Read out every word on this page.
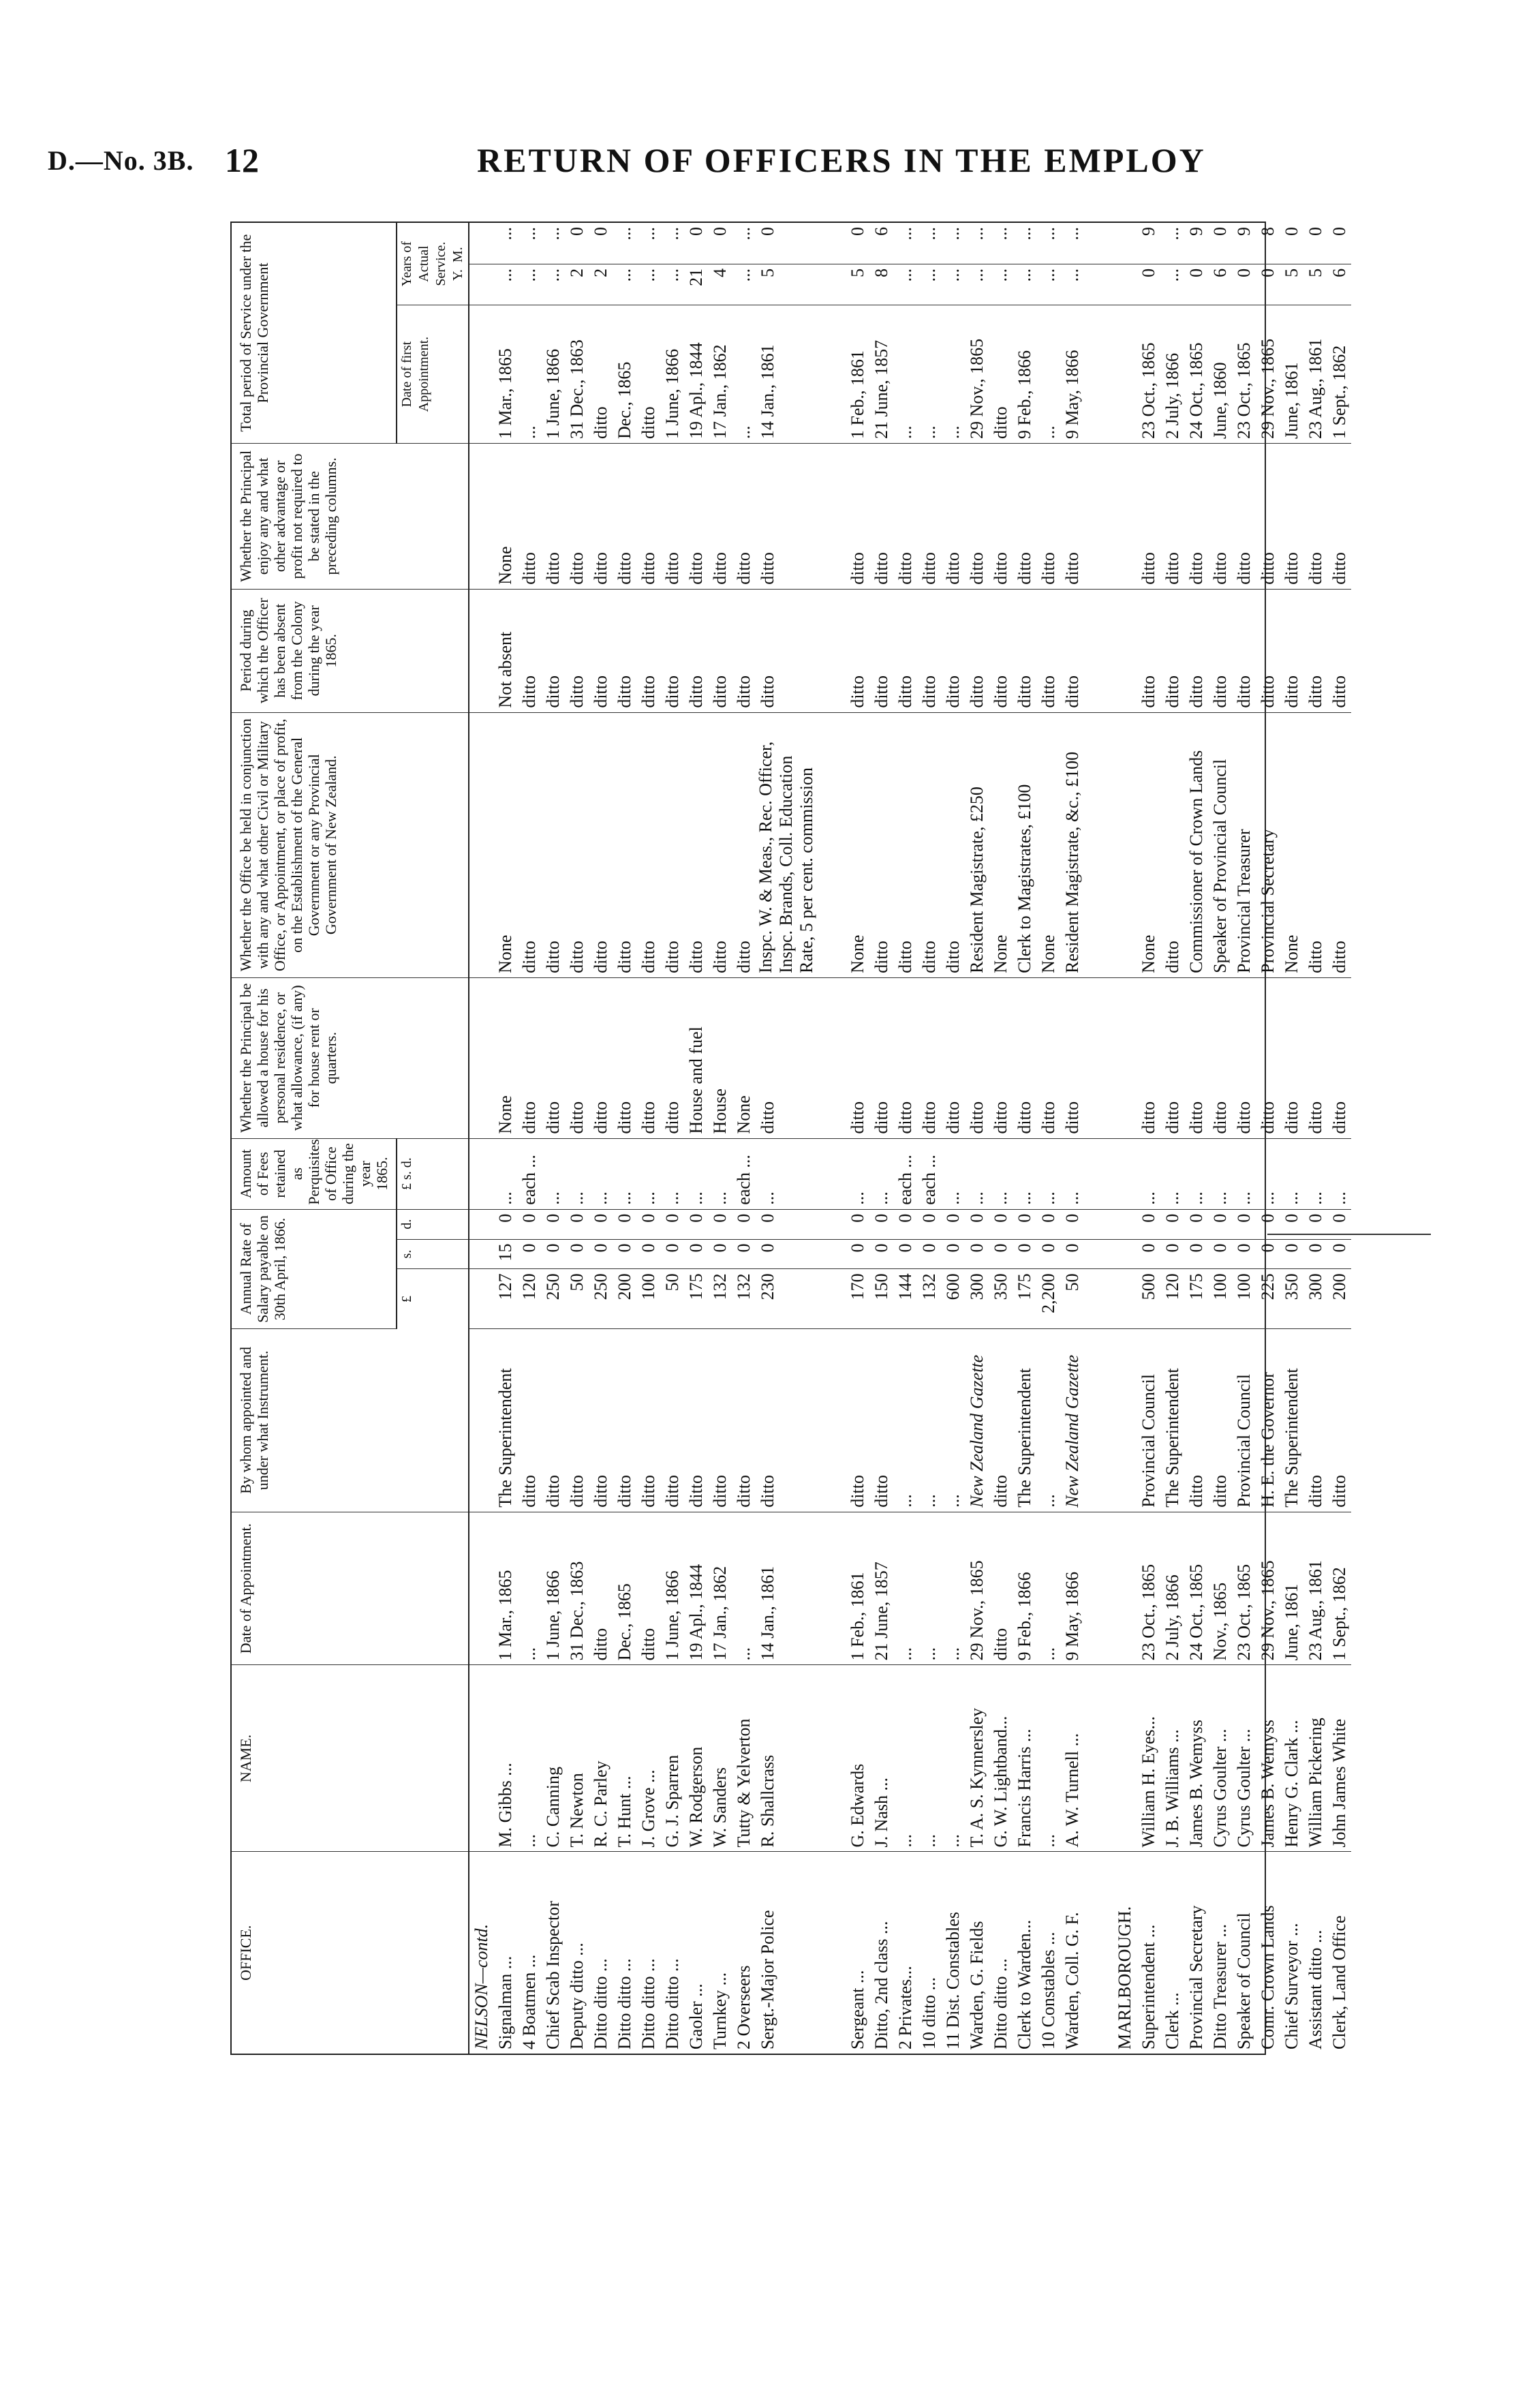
D.—No. 3B. 12	RETURN OF OFFICERS IN THE EMPLOY
OFFICE.	NAME.	Date of Appointment.	By whom appointed and under what Instrument.	Annual Rate of Salary payable on 30th April, 1866.			Amount of Fees retained as Perquisites of Office during the year 1865.	Whether the Principal be allowed a house for his personal residence, or what allowance, (if any) for house rent or quarters.	Whether the Office be held in conjunction with any and what other Civil or Military Office, or Appointment, or place of profit, on the Establishment of the General Government or any Provincial Government of New Zealand.	Period during which the Officer has been absent from the Colony during the year 1865.	Whether the Principal enjoy any and what other advantage or profit not required to be stated in the preceding columns.	Total period of Service under the Provincial Government		
				£	s.	d.	£ s. d.					Date of first Appointment.	Years of Actual Service. Y.  M.	

NELSON—contd.														
Signalman ...	M. Gibbs ...	1 Mar., 1865	The Superintendent	127	15	0	...	None	None	Not absent	None	1 Mar., 1865	...	...
4 Boatmen ...	...	...	ditto	120	0	0	each ...	ditto	ditto	ditto	ditto	...	...	...
Chief Scab Inspector	C. Canning	1 June, 1866	ditto	250	0	0	...	ditto	ditto	ditto	ditto	1 June, 1866	...	...
Deputy ditto ...	T. Newton	31 Dec., 1863	ditto	50	0	0	...	ditto	ditto	ditto	ditto	31 Dec., 1863	2	0
Ditto ditto ...	R. C. Parley	ditto	ditto	250	0	0	...	ditto	ditto	ditto	ditto	ditto	2	0
Ditto ditto ...	T. Hunt ...	Dec., 1865	ditto	200	0	0	...	ditto	ditto	ditto	ditto	Dec., 1865	...	...
Ditto ditto ...	J. Grove ...	ditto	ditto	100	0	0	...	ditto	ditto	ditto	ditto	ditto	...	...
Ditto ditto ...	G. J. Sparren	1 June, 1866	ditto	50	0	0	...	ditto	ditto	ditto	ditto	1 June, 1866	...	...
Gaoler ...	W. Rodgerson	19 Apl., 1844	ditto	175	0	0	...	House and fuel	ditto	ditto	ditto	19 Apl., 1844	21	0
Turnkey ...	W. Sanders	17 Jan., 1862	ditto	132	0	0	...	House	ditto	ditto	ditto	17 Jan., 1862	4	0
2 Overseers	Tutty & Yelverton	...	ditto	132	0	0	each ...	None	ditto	ditto	ditto	...	...	...
Sergt.-Major Police	R. Shallcrass	14 Jan., 1861	ditto	230	0	0	...	ditto	Inspc. W. & Meas., Rec. Officer, Inspc. Brands, Coll. Education Rate, 5 per cent. commission	ditto	ditto	14 Jan., 1861	5	0

Sergeant ...	G. Edwards	1 Feb., 1861	ditto	170	0	0	...	ditto	None	ditto	ditto	1 Feb., 1861	5	0
Ditto, 2nd class ...	J. Nash ...	21 June, 1857	ditto	150	0	0	...	ditto	ditto	ditto	ditto	21 June, 1857	8	6
2 Privates...	...	...	...	144	0	0	each ...	ditto	ditto	ditto	ditto	...	...	...
10 ditto ...	...	...	...	132	0	0	each ...	ditto	ditto	ditto	ditto	...	...	...
11 Dist. Constables	...	...	...	600	0	0	...	ditto	ditto	ditto	ditto	...	...	...
Warden, G. Fields	T. A. S. Kynnersley	29 Nov., 1865	New Zealand Gazette	300	0	0	...	ditto	Resident Magistrate, £250	ditto	ditto	29 Nov., 1865	...	...
Ditto ditto ...	G. W. Lightband...	ditto	ditto	350	0	0	...	ditto	None	ditto	ditto	ditto	...	...
Clerk to Warden...	Francis Harris ...	9 Feb., 1866	The Superintendent	175	0	0	...	ditto	Clerk to Magistrates, £100	ditto	ditto	9 Feb., 1866	...	...
10 Constables ...	...	...	...	2,200	0	0	...	ditto	None	ditto	ditto	...	...	...
Warden, Coll. G. F.	A. W. Turnell ...	9 May, 1866	New Zealand Gazette	50	0	0	...	ditto	Resident Magistrate, &c., £100	ditto	ditto	9 May, 1866	...	...

MARLBOROUGH.														
Superintendent ...	William H. Eyes...	23 Oct., 1865	Provincial Council	500	0	0	...	ditto	None	ditto	ditto	23 Oct., 1865	0	9
Clerk ...	J. B. Williams ...	2 July, 1866	The Superintendent	120	0	0	...	ditto	ditto	ditto	ditto	2 July, 1866	...	...
Provincial Secretary	James B. Wemyss	24 Oct., 1865	ditto	175	0	0	...	ditto	Commissioner of Crown Lands	ditto	ditto	24 Oct., 1865	0	9
Ditto Treasurer ...	Cyrus Goulter ...	Nov., 1865	ditto	100	0	0	...	ditto	Speaker of Provincial Council	ditto	ditto	June, 1860	6	0
Speaker of Council	Cyrus Goulter ...	23 Oct., 1865	Provincial Council	100	0	0	...	ditto	Provincial Treasurer	ditto	ditto	23 Oct., 1865	0	9
Comr. Crown Lands	James B. Wemyss	29 Nov., 1865	H. E. the Governor	225	0	0	...	ditto	Provincial Secretary	ditto	ditto	29 Nov., 1865	0	8
Chief Surveyor ...	Henry G. Clark ...	June, 1861	The Superintendent	350	0	0	...	ditto	None	ditto	ditto	June, 1861	5	0
Assistant ditto ...	William Pickering	23 Aug., 1861	ditto	300	0	0	...	ditto	ditto	ditto	ditto	23 Aug., 1861	5	0
Clerk, Land Office	John James White	1 Sept., 1862	ditto	200	0	0	...	ditto	ditto	ditto	ditto	1 Sept., 1862	6	0
